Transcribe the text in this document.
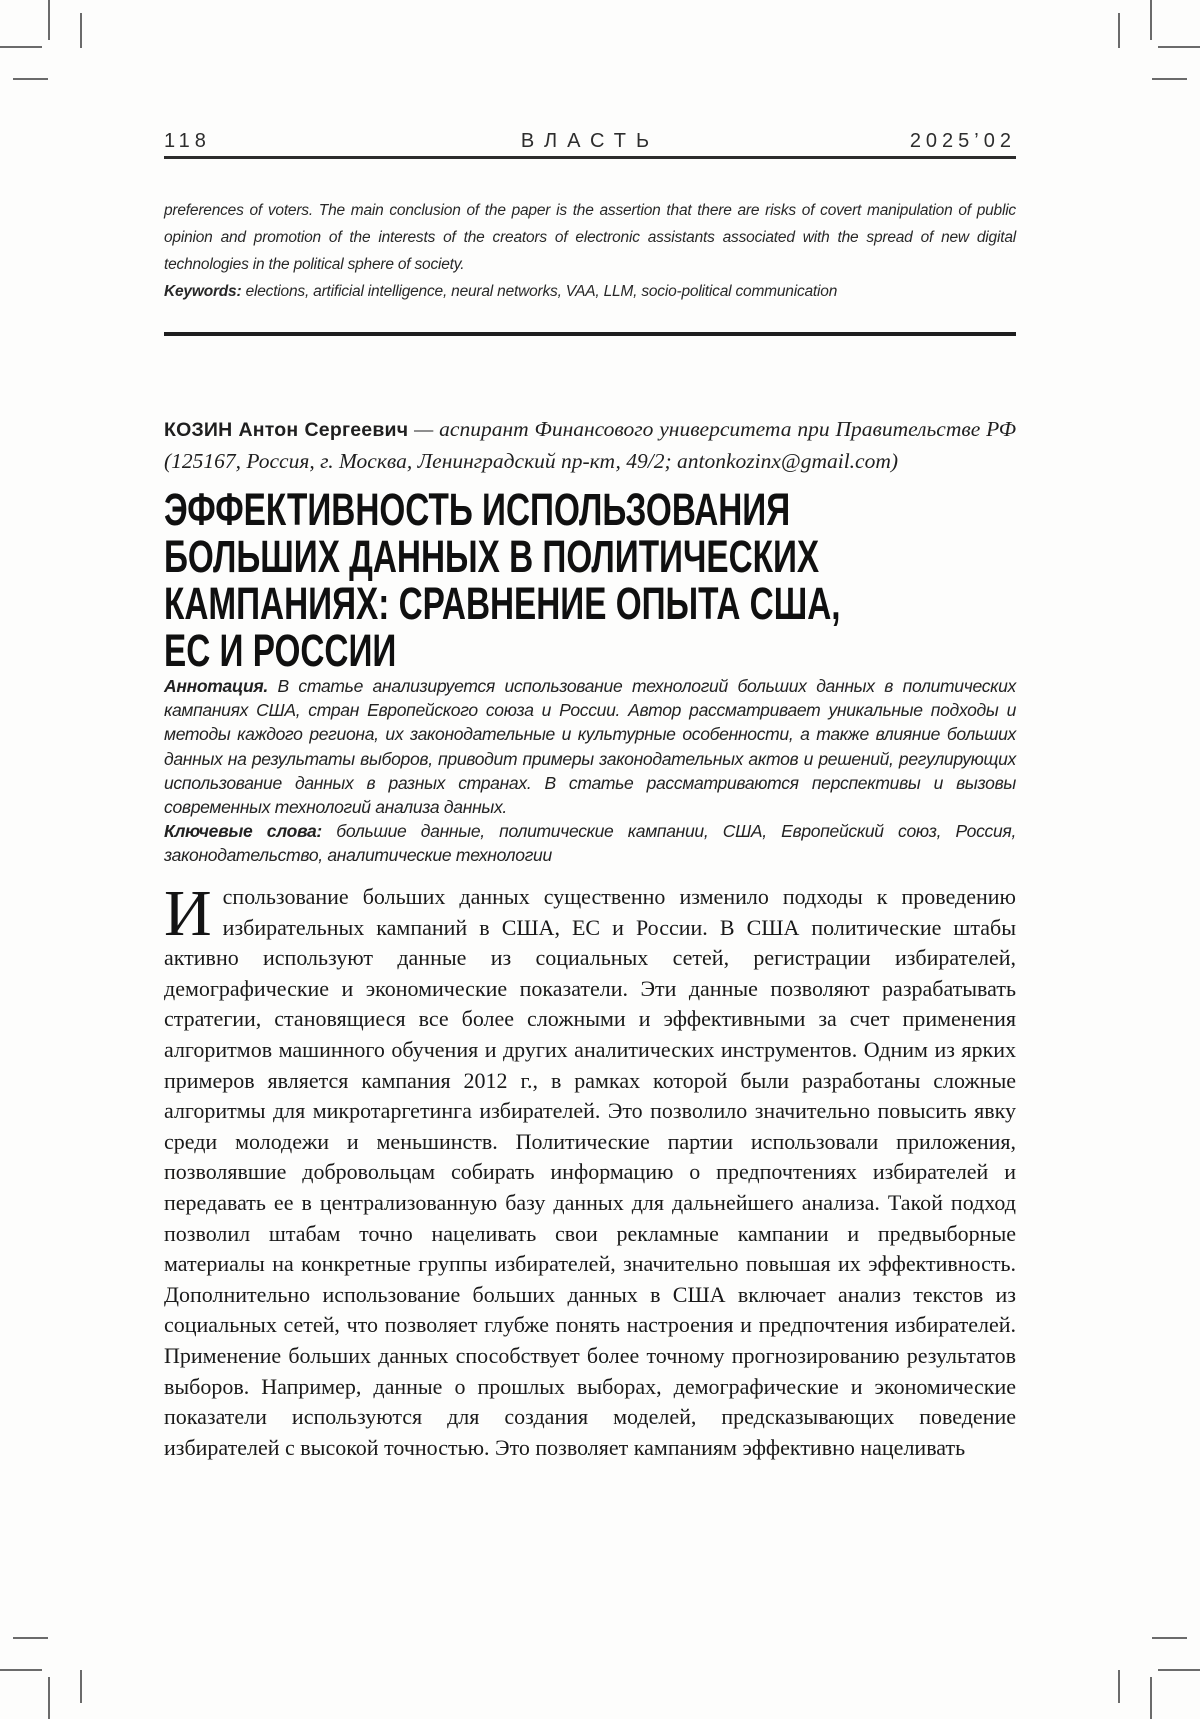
118	ВЛАСТЬ	2025’02

preferences of voters. The main conclusion of the paper is the assertion that there are risks of covert manipulation of public opinion and promotion of the interests of the creators of electronic assistants associated with the spread of new digital technologies in the political sphere of society.

Keywords: elections, artificial intelligence, neural networks, VAA, LLM, socio-political communication

КОЗИН Антон Сергеевич — аспирант Финансового университета при Правительстве РФ (125167, Россия, г. Москва, Ленинградский пр-кт, 49/2; antonkozinx@gmail.com)
ЭФФЕКТИВНОСТЬ ИСПОЛЬЗОВАНИЯ
БОЛЬШИХ ДАННЫХ В ПОЛИТИЧЕСКИХ
КАМПАНИЯХ: СРАВНЕНИЕ ОПЫТА США,
ЕС И РОССИИ

Аннотация. В статье анализируется использование технологий больших данных в политических кампаниях США, стран Европейского союза и России. Автор рассматривает уникальные подходы и методы каждого региона, их законодательные и культурные особенности, а также влияние больших данных на результаты выборов, приводит примеры законодательных актов и решений, регулирующих использование данных в разных странах. В статье рассматриваются перспективы и вызовы современных технологий анализа данных.

Ключевые слова: большие данные, политические кампании, США, Европейский союз, Россия, законодательство, аналитические технологии

Использование больших данных существенно изменило подходы к проведению избирательных кампаний в США, ЕС и России. В США политические штабы активно используют данные из социальных сетей, регистрации избирателей, демографические и экономические показатели. Эти данные позволяют разрабатывать стратегии, становящиеся все более сложными и эффективными за счет применения алгоритмов машинного обучения и других аналитических инструментов. Одним из ярких примеров является кампания 2012 г., в рамках которой были разработаны сложные алгоритмы для микротаргетинга избирателей. Это позволило значительно повысить явку среди молодежи и меньшинств. Политические партии использовали приложения, позволявшие добровольцам собирать информацию о предпочтениях избирателей и передавать ее в централизованную базу данных для дальнейшего анализа. Такой подход позволил штабам точно нацеливать свои рекламные кампании и предвыборные материалы на конкретные группы избирателей, значительно повышая их эффективность. Дополнительно использование больших данных в США включает анализ текстов из социальных сетей, что позволяет глубже понять настроения и предпочтения избирателей. Применение больших данных способствует более точному прогнозированию результатов выборов. Например, данные о прошлых выборах, демографические и экономические показатели используются для создания моделей, предсказывающих поведение избирателей с высокой точностью. Это позволяет кампаниям эффективно нацеливать
